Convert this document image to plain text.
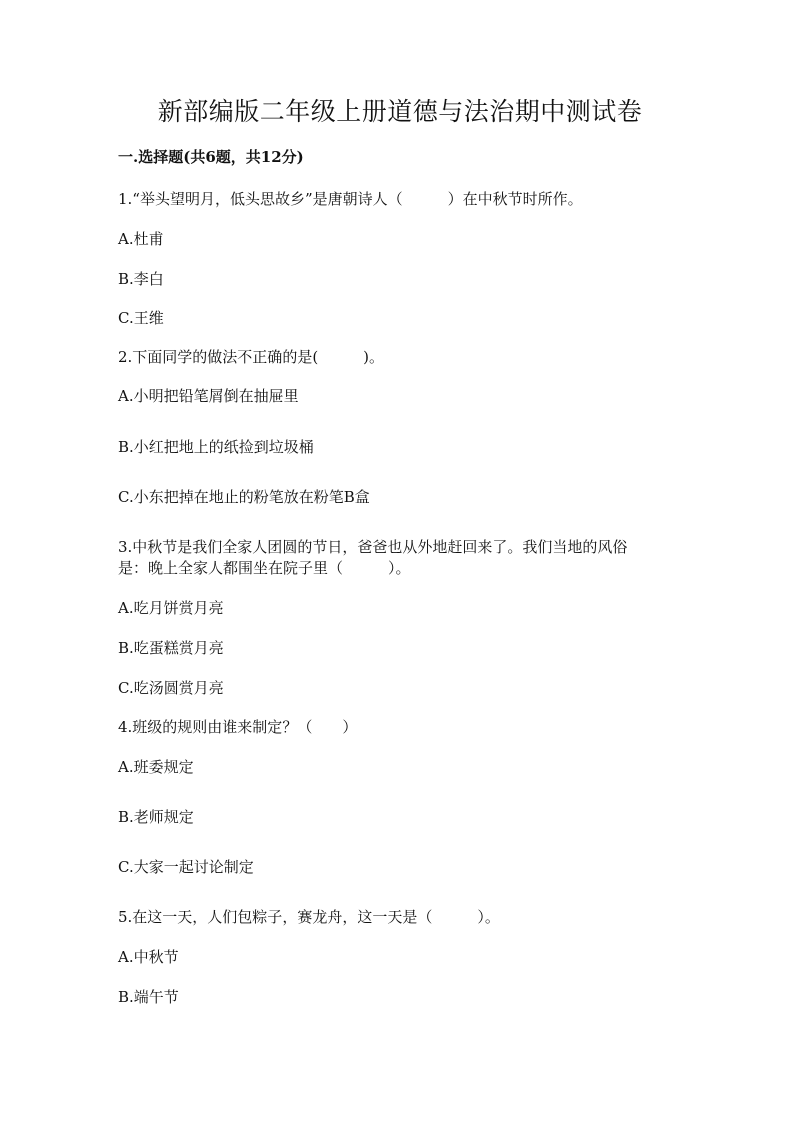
新部编版二年级上册道德与法治期中测试卷
一.选择题(共6题，共12分)
1.“举头望明月，低头思故乡”是唐朝诗人（　　　）在中秋节时所作。
A.杜甫
B.李白
C.王维
2.下面同学的做法不正确的是(　　　)。
A.小明把铅笔屑倒在抽屉里
B.小红把地上的纸捡到垃圾桶
C.小东把掉在地止的粉笔放在粉笔B盒
3.中秋节是我们全家人团圆的节日，爸爸也从外地赶回来了。我们当地的风俗
是：晚上全家人都围坐在院子里（　　　）。
A.吃月饼赏月亮
B.吃蛋糕赏月亮
C.吃汤圆赏月亮
4.班级的规则由谁来制定？（　　）
A.班委规定
B.老师规定
C.大家一起讨论制定
5.在这一天，人们包粽子，赛龙舟，这一天是（　　　）。
A.中秋节
B.端午节
